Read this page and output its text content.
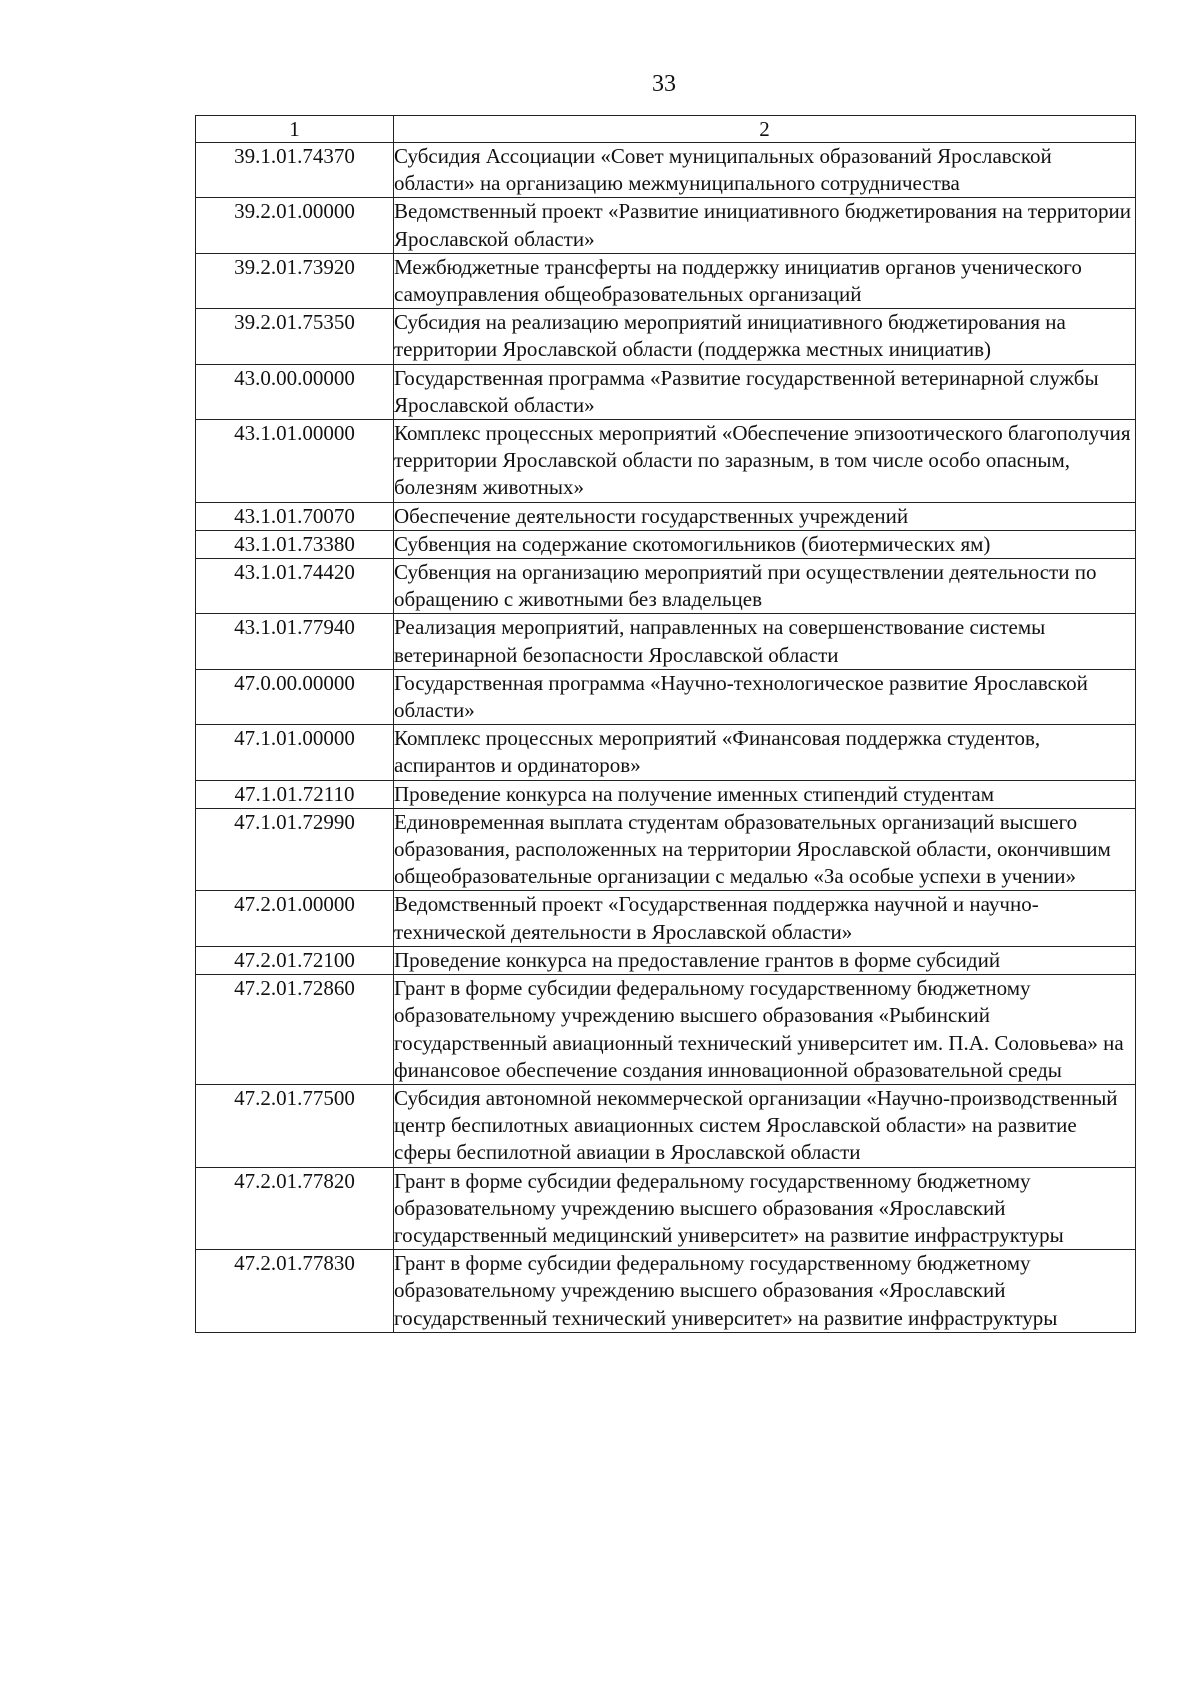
33
1	2
39.1.01.74370	Субсидия Ассоциации «Совет муниципальных образований Ярославской области» на организацию межмуниципального сотрудничества
39.2.01.00000	Ведомственный проект «Развитие инициативного бюджетирования на территории Ярославской области»
39.2.01.73920	Межбюджетные трансферты на поддержку инициатив органов ученического самоуправления общеобразовательных организаций
39.2.01.75350	Субсидия на реализацию мероприятий инициативного бюджетирования на территории Ярославской области (поддержка местных инициатив)
43.0.00.00000	Государственная программа «Развитие государственной ветеринарной службы Ярославской области»
43.1.01.00000	Комплекс процессных мероприятий «Обеспечение эпизоотического благополучия территории Ярославской области по заразным, в том числе особо опасным, болезням животных»
43.1.01.70070	Обеспечение деятельности государственных учреждений
43.1.01.73380	Субвенция на содержание скотомогильников (биотермических ям)
43.1.01.74420	Субвенция на организацию мероприятий при осуществлении деятельности по обращению с животными без владельцев
43.1.01.77940	Реализация мероприятий, направленных на совершенствование системы ветеринарной безопасности Ярославской области
47.0.00.00000	Государственная программа «Научно-технологическое развитие Ярославской области»
47.1.01.00000	Комплекс процессных мероприятий «Финансовая поддержка студентов, аспирантов и ординаторов»
47.1.01.72110	Проведение конкурса на получение именных стипендий студентам
47.1.01.72990	Единовременная выплата студентам образовательных организаций высшего образования, расположенных на территории Ярославской области, окончившим общеобразовательные организации с медалью «За особые успехи в учении»
47.2.01.00000	Ведомственный проект «Государственная поддержка научной и научно-технической деятельности в Ярославской области»
47.2.01.72100	Проведение конкурса на предоставление грантов в форме субсидий
47.2.01.72860	Грант в форме субсидии федеральному государственному бюджетному образовательному учреждению высшего образования «Рыбинский государственный авиационный технический университет им. П.А. Соловьева» на финансовое обеспечение создания инновационной образовательной среды
47.2.01.77500	Субсидия автономной некоммерческой организации «Научно-производственный центр беспилотных авиационных систем Ярославской области» на развитие сферы беспилотной авиации в Ярославской области
47.2.01.77820	Грант в форме субсидии федеральному государственному бюджетному образовательному учреждению высшего образования «Ярославский государственный медицинский университет» на развитие инфраструктуры
47.2.01.77830	Грант в форме субсидии федеральному государственному бюджетному образовательному учреждению высшего образования «Ярославский государственный технический университет» на развитие инфраструктуры
